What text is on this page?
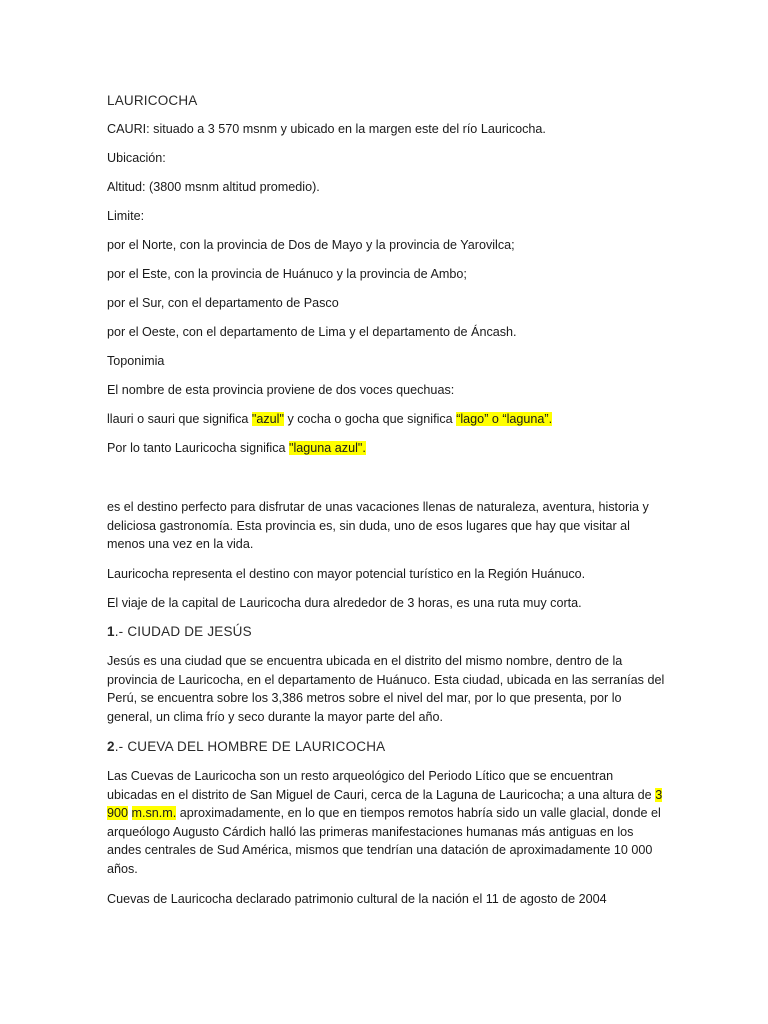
LAURICOCHA
CAURI: situado a 3 570 msnm y ubicado en la margen este del río Lauricocha.
Ubicación:
Altitud: (3800 msnm altitud promedio).
Limite:
por el Norte, con la provincia de Dos de Mayo y la provincia de Yarovilca;
por el Este, con la provincia de Huánuco y la provincia de Ambo;
por el Sur, con el departamento de Pasco
por el Oeste, con el departamento de Lima y el departamento de Áncash.
Toponimia
El nombre de esta provincia proviene de dos voces quechuas:
llauri o sauri que significa "azul" y cocha o gocha que significa “lago” o “laguna”.
Por lo tanto Lauricocha significa "laguna azul".
es el destino perfecto para disfrutar de unas vacaciones llenas de naturaleza, aventura, historia y deliciosa gastronomía. Esta provincia es, sin duda, uno de esos lugares que hay que visitar al menos una vez en la vida.
Lauricocha representa el destino con mayor potencial turístico en la Región Huánuco.
El viaje de la capital de Lauricocha dura alrededor de 3 horas, es una ruta muy corta.
1.- CIUDAD DE JESÚS
Jesús es una ciudad que se encuentra ubicada en el distrito del mismo nombre, dentro de la provincia de Lauricocha, en el departamento de Huánuco. Esta ciudad, ubicada en las serranías del Perú, se encuentra sobre los 3,386 metros sobre el nivel del mar, por lo que presenta, por lo general, un clima frío y seco durante la mayor parte del año.
2.- CUEVA DEL HOMBRE DE LAURICOCHA
Las Cuevas de Lauricocha son un resto arqueológico del Periodo Lítico que se encuentran ubicadas en el distrito de San Miguel de Cauri, cerca de la Laguna de Lauricocha; a una altura de 3 900 m.sn.m. aproximadamente, en lo que en tiempos remotos habría sido un valle glacial, donde el arqueólogo Augusto Cárdich halló las primeras manifestaciones humanas más antiguas en los andes centrales de Sud América, mismos que tendrían una datación de aproximadamente 10 000 años.
Cuevas de Lauricocha declarado patrimonio cultural de la nación el 11 de agosto de 2004
